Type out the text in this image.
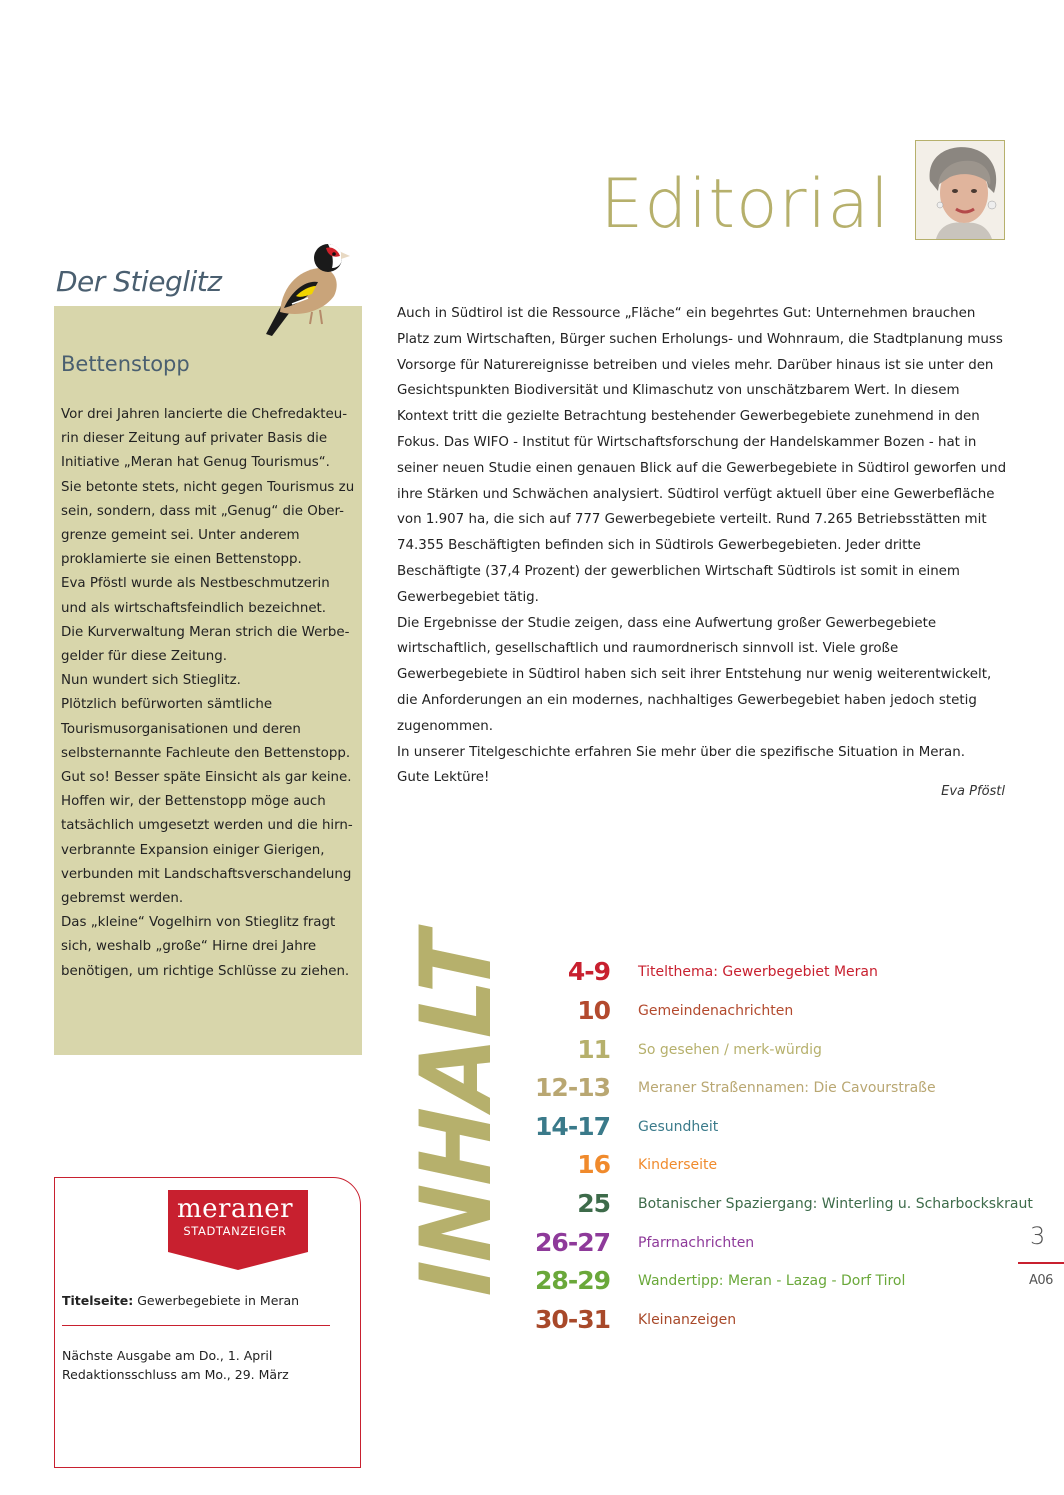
Editorial
Der Stieglitz
Bettenstopp

Vor drei Jahren lancierte die Chefredakteu-

rin dieser Zeitung auf privater Basis die

Initiative „Meran hat Genug Tourismus“.

Sie betonte stets, nicht gegen Tourismus zu

sein, sondern, dass mit „Genug“ die Ober-

grenze gemeint sei. Unter anderem

proklamierte sie einen Bettenstopp.

Eva Pföstl wurde als Nestbeschmutzerin

und als wirtschaftsfeindlich bezeichnet.

Die Kurverwaltung Meran strich die Werbe-

gelder für diese Zeitung.

Nun wundert sich Stieglitz.

Plötzlich befürworten sämtliche

Tourismusorganisationen und deren

selbsternannte Fachleute den Bettenstopp.

Gut so! Besser späte Einsicht als gar keine.

Hoffen wir, der Bettenstopp möge auch

tatsächlich umgesetzt werden und die hirn-

verbrannte Expansion einiger Gierigen,

verbunden mit Landschaftsverschandelung

gebremst werden.

Das „kleine“ Vogelhirn von Stieglitz fragt

sich, weshalb „große“ Hirne drei Jahre

benötigen, um richtige Schlüsse zu ziehen.

Auch in Südtirol ist die Ressource „Fläche“ ein begehrtes Gut: Unternehmen brauchen Platz zum Wirtschaften, Bürger suchen Erholungs- und Wohnraum, die Stadtplanung muss Vorsorge für Naturereignisse betreiben und vieles mehr. Darüber hinaus ist sie unter den Gesichtspunkten Biodiversität und Klimaschutz von unschätzbarem Wert. In diesem Kontext tritt die gezielte Betrachtung bestehender Gewerbegebiete zunehmend in den Fokus. Das WIFO - Institut für Wirtschaftsforschung der Handelskammer Bozen - hat in seiner neuen Studie einen genauen Blick auf die Gewerbegebiete in Südtirol geworfen und ihre Stärken und Schwächen analysiert. Südtirol verfügt aktuell über eine Gewerbefläche von 1.907 ha, die sich auf 777 Gewerbegebiete verteilt. Rund 7.265 Betriebsstätten mit 74.355 Beschäftigten befinden sich in Südtirols Gewerbegebieten. Jeder dritte Beschäftigte (37,4 Prozent) der gewerblichen Wirtschaft Südtirols ist somit in einem Gewerbegebiet tätig.

Die Ergebnisse der Studie zeigen, dass eine Aufwertung großer Gewerbegebiete wirtschaftlich, gesellschaftlich und raumordnerisch sinnvoll ist. Viele große Gewerbegebiete in Südtirol haben sich seit ihrer Entstehung nur wenig weiterentwickelt, die Anforderungen an ein modernes, nachhaltiges Gewerbegebiet haben jedoch stetig zugenommen.

In unserer Titelgeschichte erfahren Sie mehr über die spezifische Situation in Meran.

Gute Lektüre!

Eva Pföstl
meraner
STADTANZEIGER
Titelseite: Gewerbegebiete in Meran
Nächste Ausgabe am Do., 1. April
Redaktionsschluss am Mo., 29. März
INHALT	4-9 Titelthema: Gewerbegebiet Meran
10 Gemeindenachrichten
11 So gesehen / merk-würdig
12-13 Meraner Straßennamen: Die Cavourstraße
14-17 Gesundheit
16 Kinderseite
25 Botanischer Spaziergang: Winterling u. Scharbockskraut
26-27 Pfarrnachrichten
28-29 Wandertipp: Meran - Lazag - Dorf Tirol
30-31 Kleinanzeigen
3
A06
